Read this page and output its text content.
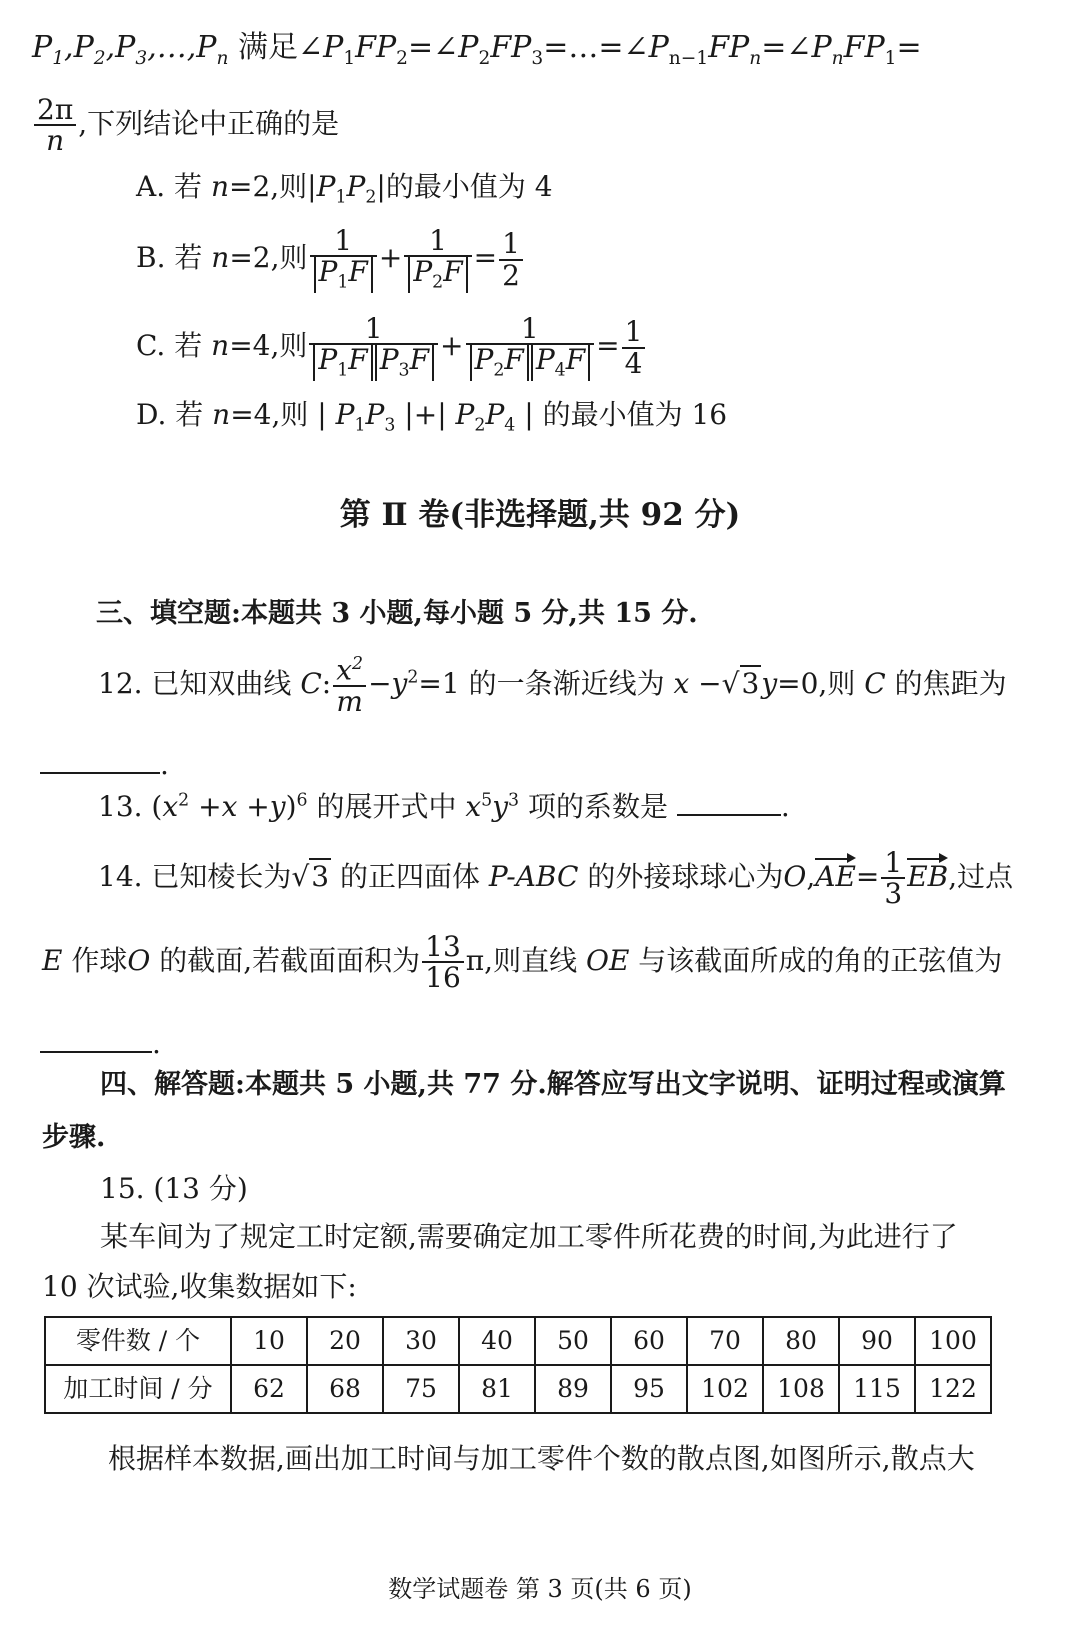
$P_1,P_2,P_3,\dots,P_n$ 满足$\angle P_1FP_2=\angle P_2FP_3=\dots=\angle P_{n-1}FP_n=\angle P_nFP_1=$
$\frac{2\pi}{n}$ ,下列结论中正确的是
A. 若 n=2,则$|P_1P_2|$的最小值为 4
B. 若 n=2,则 $\frac{1}{P_1F} + \frac{1}{P_2F} = \frac{1}{2}$
C. 若 n=4,则 $\frac{1}{P_1F P_3F} + \frac{1}{P_2F P_4F} = \frac{1}{4}$
D. 若 n=4,则 | $P_1P_3$ |+| $P_2P_4$ | 的最小值为 16
第 Ⅱ 卷(非选择题,共 92 分)
三、填空题:本题共 3 小题,每小题 5 分,共 15 分.
12. 已知双曲线 C: $\frac{x^2}{m} -y^2=1$ 的一条渐近线为 x −√3y=0,则 C 的焦距为
.
13. $(x^2 +x +y)^6$ 的展开式中 $x^5y^3$ 项的系数是	.
14. 已知棱长为√3 的正四面体 P-ABC 的外接球球心为$O,AE= \frac{1}{3}$ EB,过点
E 作球O 的截面,若截面面积为 $\frac{13}{16} \pi$,则直线 OE 与该截面所成的角的正弦值为
.
四、解答题:本题共 5 小题,共 77 分.解答应写出文字说明、证明过程或演算
步骤.
15. (13 分)
某车间为了规定工时定额,需要确定加工零件所花费的时间,为此进行了
10 次试验,收集数据如下:
零件数 / 个	10	20	30	40	50	60	70	80	90	100
加工时间 / 分	62	68	75	81	89	95	102	108	115	122
根据样本数据,画出加工时间与加工零件个数的散点图,如图所示,散点大
数学试题卷 第 3 页(共 6 页)
